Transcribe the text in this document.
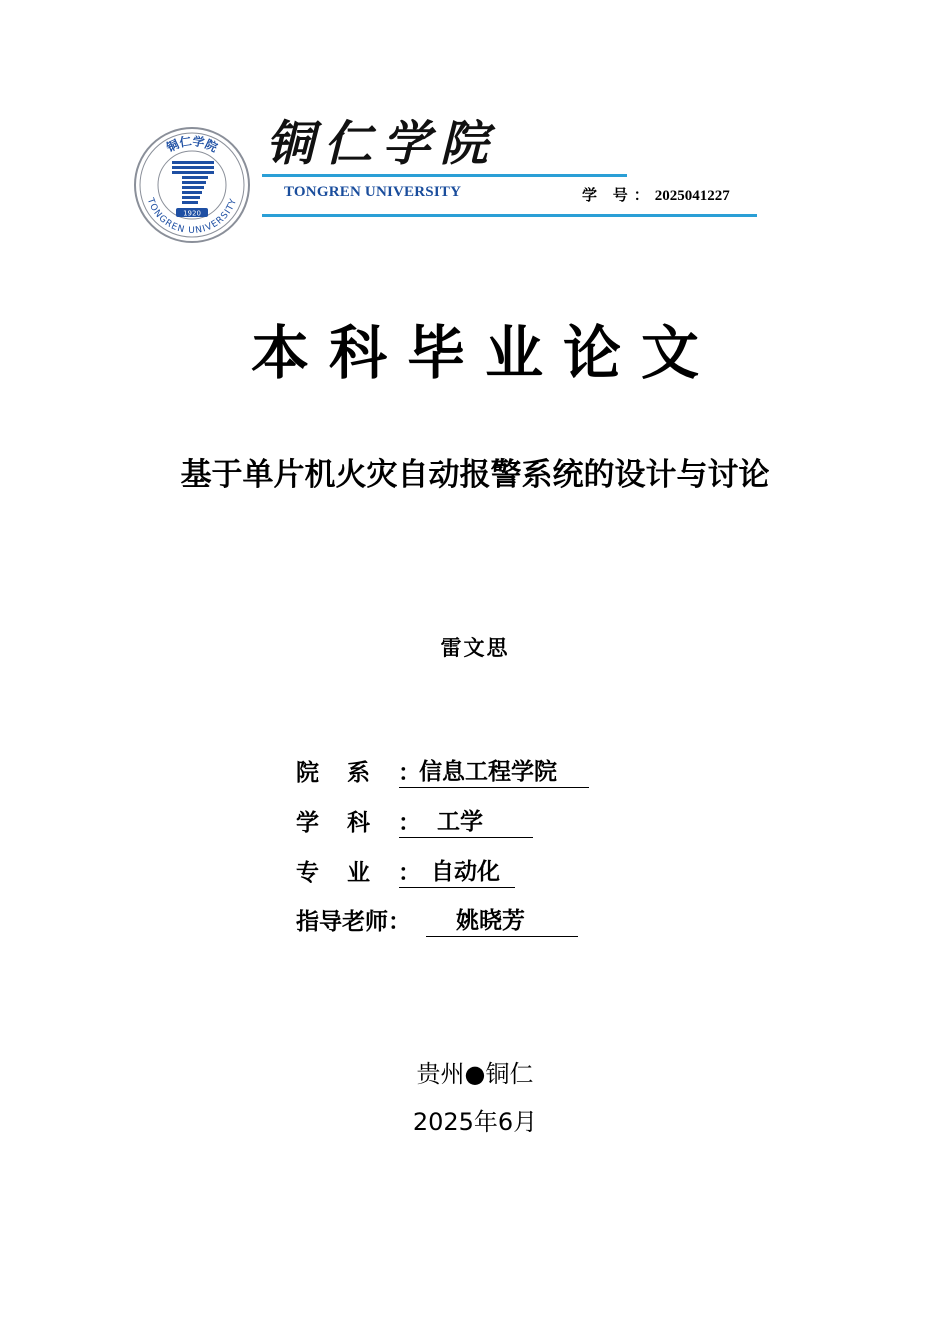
1920
TONGREN UNIVERSITY
铜仁学院 铜仁学院
TONGREN UNIVERSITY	学 号：2025041227
本科毕业论文
基于单片机火灾自动报警系统的设计与讨论
雷文思
院系：
信息工程学院
学科：
工学
专业：
自动化
指导老师：	姚晓芳
贵州●铜仁
2025年6月
